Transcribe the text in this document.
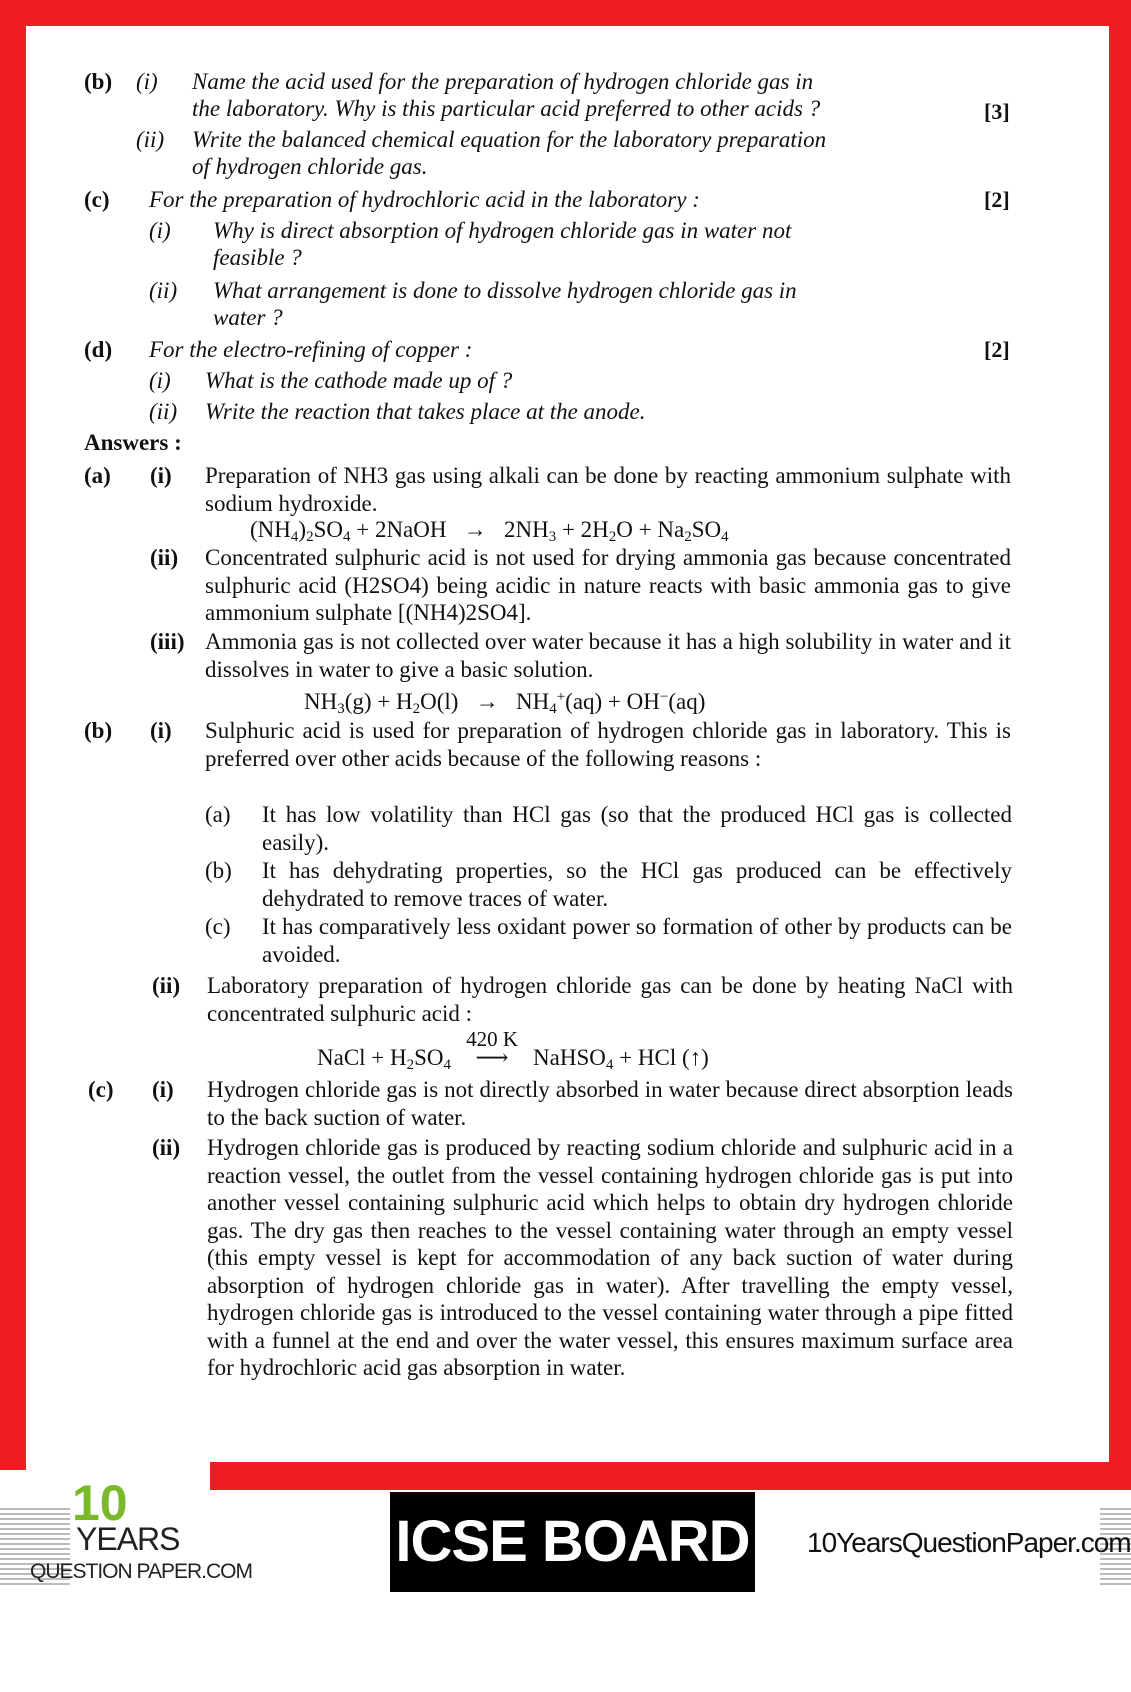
(b) (i) Name the acid used for the preparation of hydrogen chloride gas in
the laboratory. Why is this particular acid preferred to other acids ?	[3]
(ii) Write the balanced chemical equation for the laboratory preparation
of hydrogen chloride gas.
(c) For the preparation of hydrochloric acid in the laboratory :	[2]
(i) Why is direct absorption of hydrogen chloride gas in water not
feasible ?
(ii) What arrangement is done to dissolve hydrogen chloride gas in
water ?
(d) For the electro-refining of copper :	[2]
(i) What is the cathode made up of ?
(ii) Write the reaction that takes place at the anode.
Answers :
(a) (i) Preparation of NH3 gas using alkali can be done by reacting ammonium sulphate with sodium hydroxide.
$(NH_4)_2SO_4$ + 2NaOH   →   $2NH_3 + 2H_2O + Na_2SO_4$
(ii) Concentrated sulphuric acid is not used for drying ammonia gas because concentrated sulphuric acid (H2SO4) being acidic in nature reacts with basic ammonia gas to give ammonium sulphate [(NH4)2SO4].
(iii) Ammonia gas is not collected over water because it has a high solubility in water and it dissolves in water to give a basic solution.
$NH_3(g) + H_2O(l) \to NH_4^+(aq) + OH^-(aq)$
(b) (i) Sulphuric acid is used for preparation of hydrogen chloride gas in laboratory. This is preferred over other acids because of the following reasons :
(a) It has low volatility than HCl gas (so that the produced HCl gas is collected easily).
(b) It has dehydrating properties, so the HCl gas produced can be effectively dehydrated to remove traces of water.
(c) It has comparatively less oxidant power so formation of other by products can be avoided.
(ii) Laboratory preparation of hydrogen chloride gas can be done by heating NaCl with concentrated sulphuric acid :
NaCl + $H_2SO_4$
420 K
⟶ NaHSO$_4$ + HCl (↑)
(c) (i) Hydrogen chloride gas is not directly absorbed in water because direct absorption leads to the back suction of water.
(ii) Hydrogen chloride gas is produced by reacting sodium chloride and sulphuric acid in a reaction vessel, the outlet from the vessel containing hydrogen chloride gas is put into another vessel containing sulphuric acid which helps to obtain dry hydrogen chloride gas. The dry gas then reaches to the vessel containing water through an empty vessel (this empty vessel is kept for accommodation of any back suction of water during absorption of hydrogen chloride gas in water). After travelling the empty vessel, hydrogen chloride gas is introduced to the vessel containing water through a pipe fitted with a funnel at the end and over the water vessel, this ensures maximum surface area for hydrochloric acid gas absorption in water.
10
YEARS
QUESTION PAPER.COM ICSE BOARD X
10YearsQuestionPaper.com
